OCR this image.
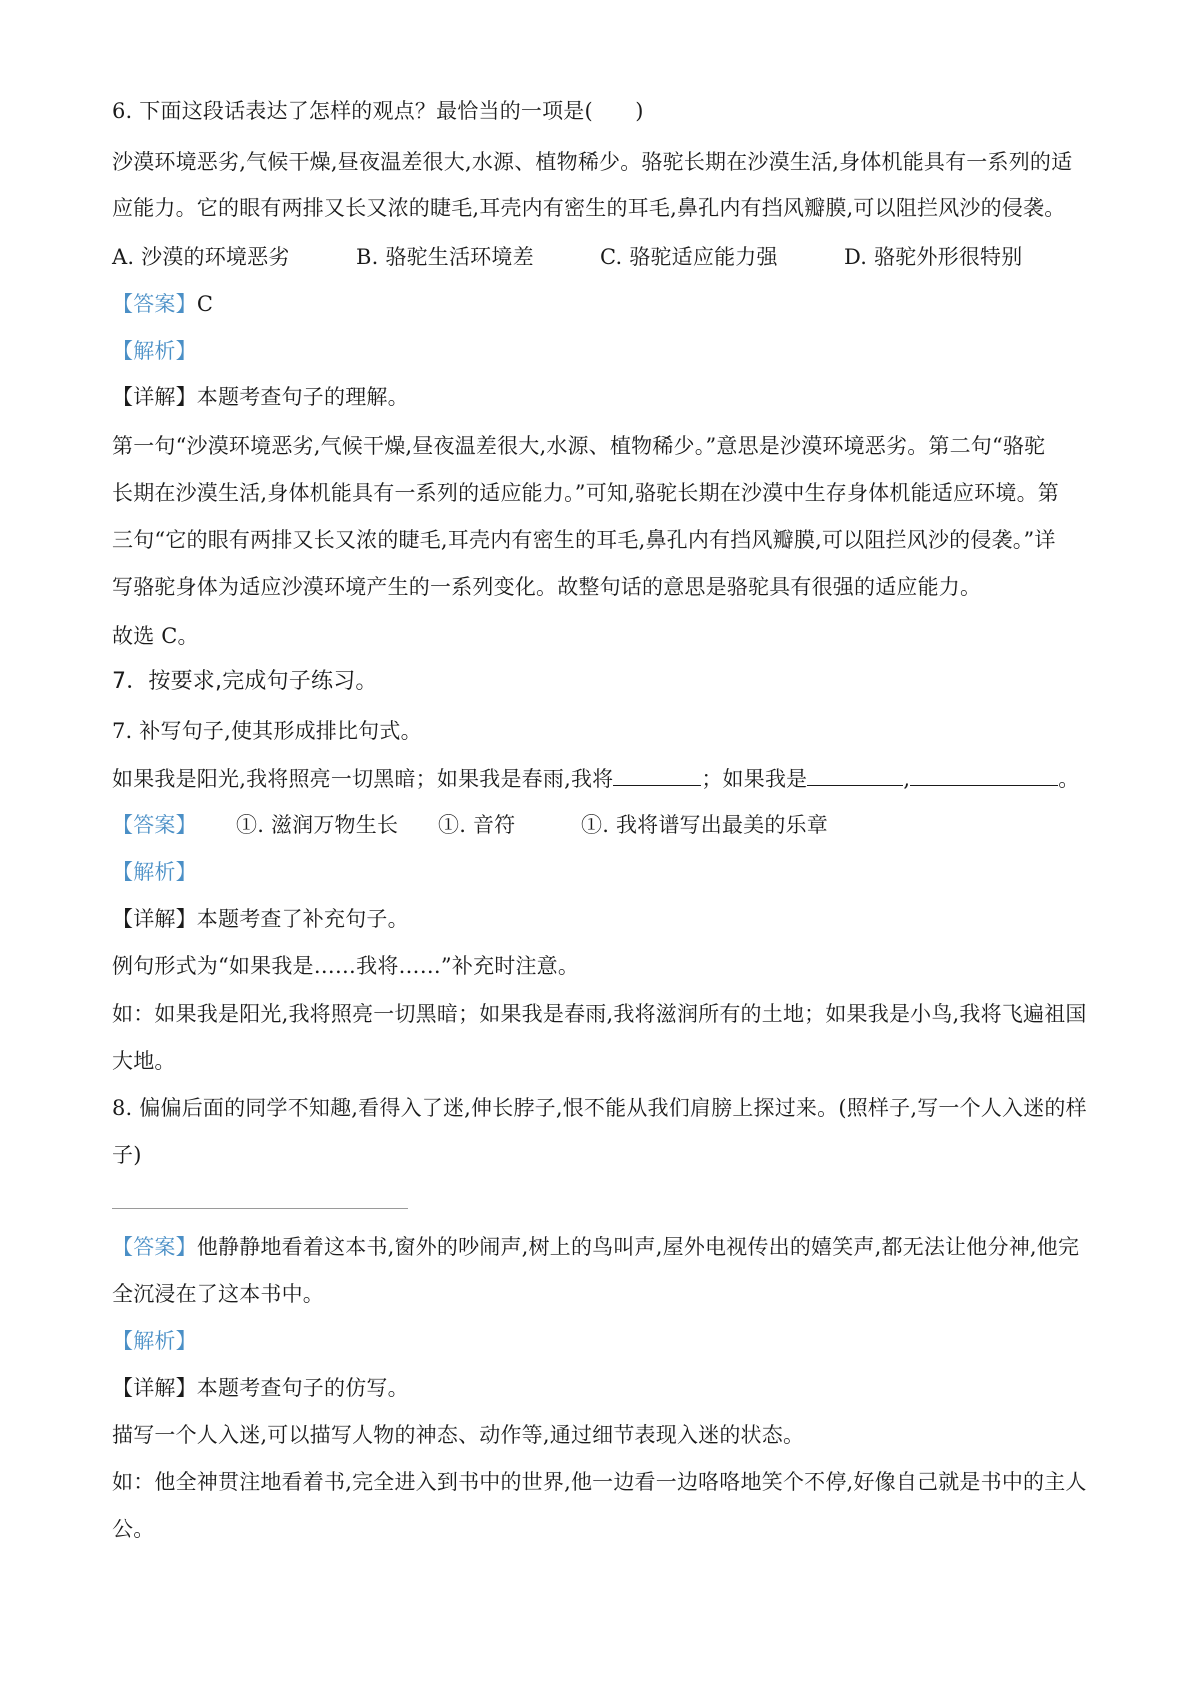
6. 下面这段话表达了怎样的观点？最恰当的一项是(　　)
沙漠环境恶劣,气候干燥,昼夜温差很大,水源、植物稀少。骆驼长期在沙漠生活,身体机能具有一系列的适
应能力。它的眼有两排又长又浓的睫毛,耳壳内有密生的耳毛,鼻孔内有挡风瓣膜,可以阻拦风沙的侵袭。
A. 沙漠的环境恶劣	B. 骆驼生活环境差	C. 骆驼适应能力强	D. 骆驼外形很特别
【答案】C
【解析】
【详解】本题考查句子的理解。
第一句“沙漠环境恶劣,气候干燥,昼夜温差很大,水源、植物稀少。”意思是沙漠环境恶劣。第二句“骆驼
长期在沙漠生活,身体机能具有一系列的适应能力。”可知,骆驼长期在沙漠中生存身体机能适应环境。第
三句“它的眼有两排又长又浓的睫毛,耳壳内有密生的耳毛,鼻孔内有挡风瓣膜,可以阻拦风沙的侵袭。”详
写骆驼身体为适应沙漠环境产生的一系列变化。故整句话的意思是骆驼具有很强的适应能力。
故选 C。
7．按要求,完成句子练习。
7. 补写句子,使其形成排比句式。
如果我是阳光,我将照亮一切黑暗；如果我是春雨,我将	；如果我是	,	。
【答案】 ①. 滋润万物生长 ①. 音符	①. 我将谱写出最美的乐章
【解析】
【详解】本题考查了补充句子。
例句形式为“如果我是……我将……”补充时注意。
如：如果我是阳光,我将照亮一切黑暗；如果我是春雨,我将滋润所有的土地；如果我是小鸟,我将飞遍祖国
大地。
8. 偏偏后面的同学不知趣,看得入了迷,伸长脖子,恨不能从我们肩膀上探过来。(照样子,写一个人入迷的样
子)
【答案】他静静地看着这本书,窗外的吵闹声,树上的鸟叫声,屋外电视传出的嬉笑声,都无法让他分神,他完
全沉浸在了这本书中。
【解析】
【详解】本题考查句子的仿写。
描写一个人入迷,可以描写人物的神态、动作等,通过细节表现入迷的状态。
如：他全神贯注地看着书,完全进入到书中的世界,他一边看一边咯咯地笑个不停,好像自己就是书中的主人
公。
